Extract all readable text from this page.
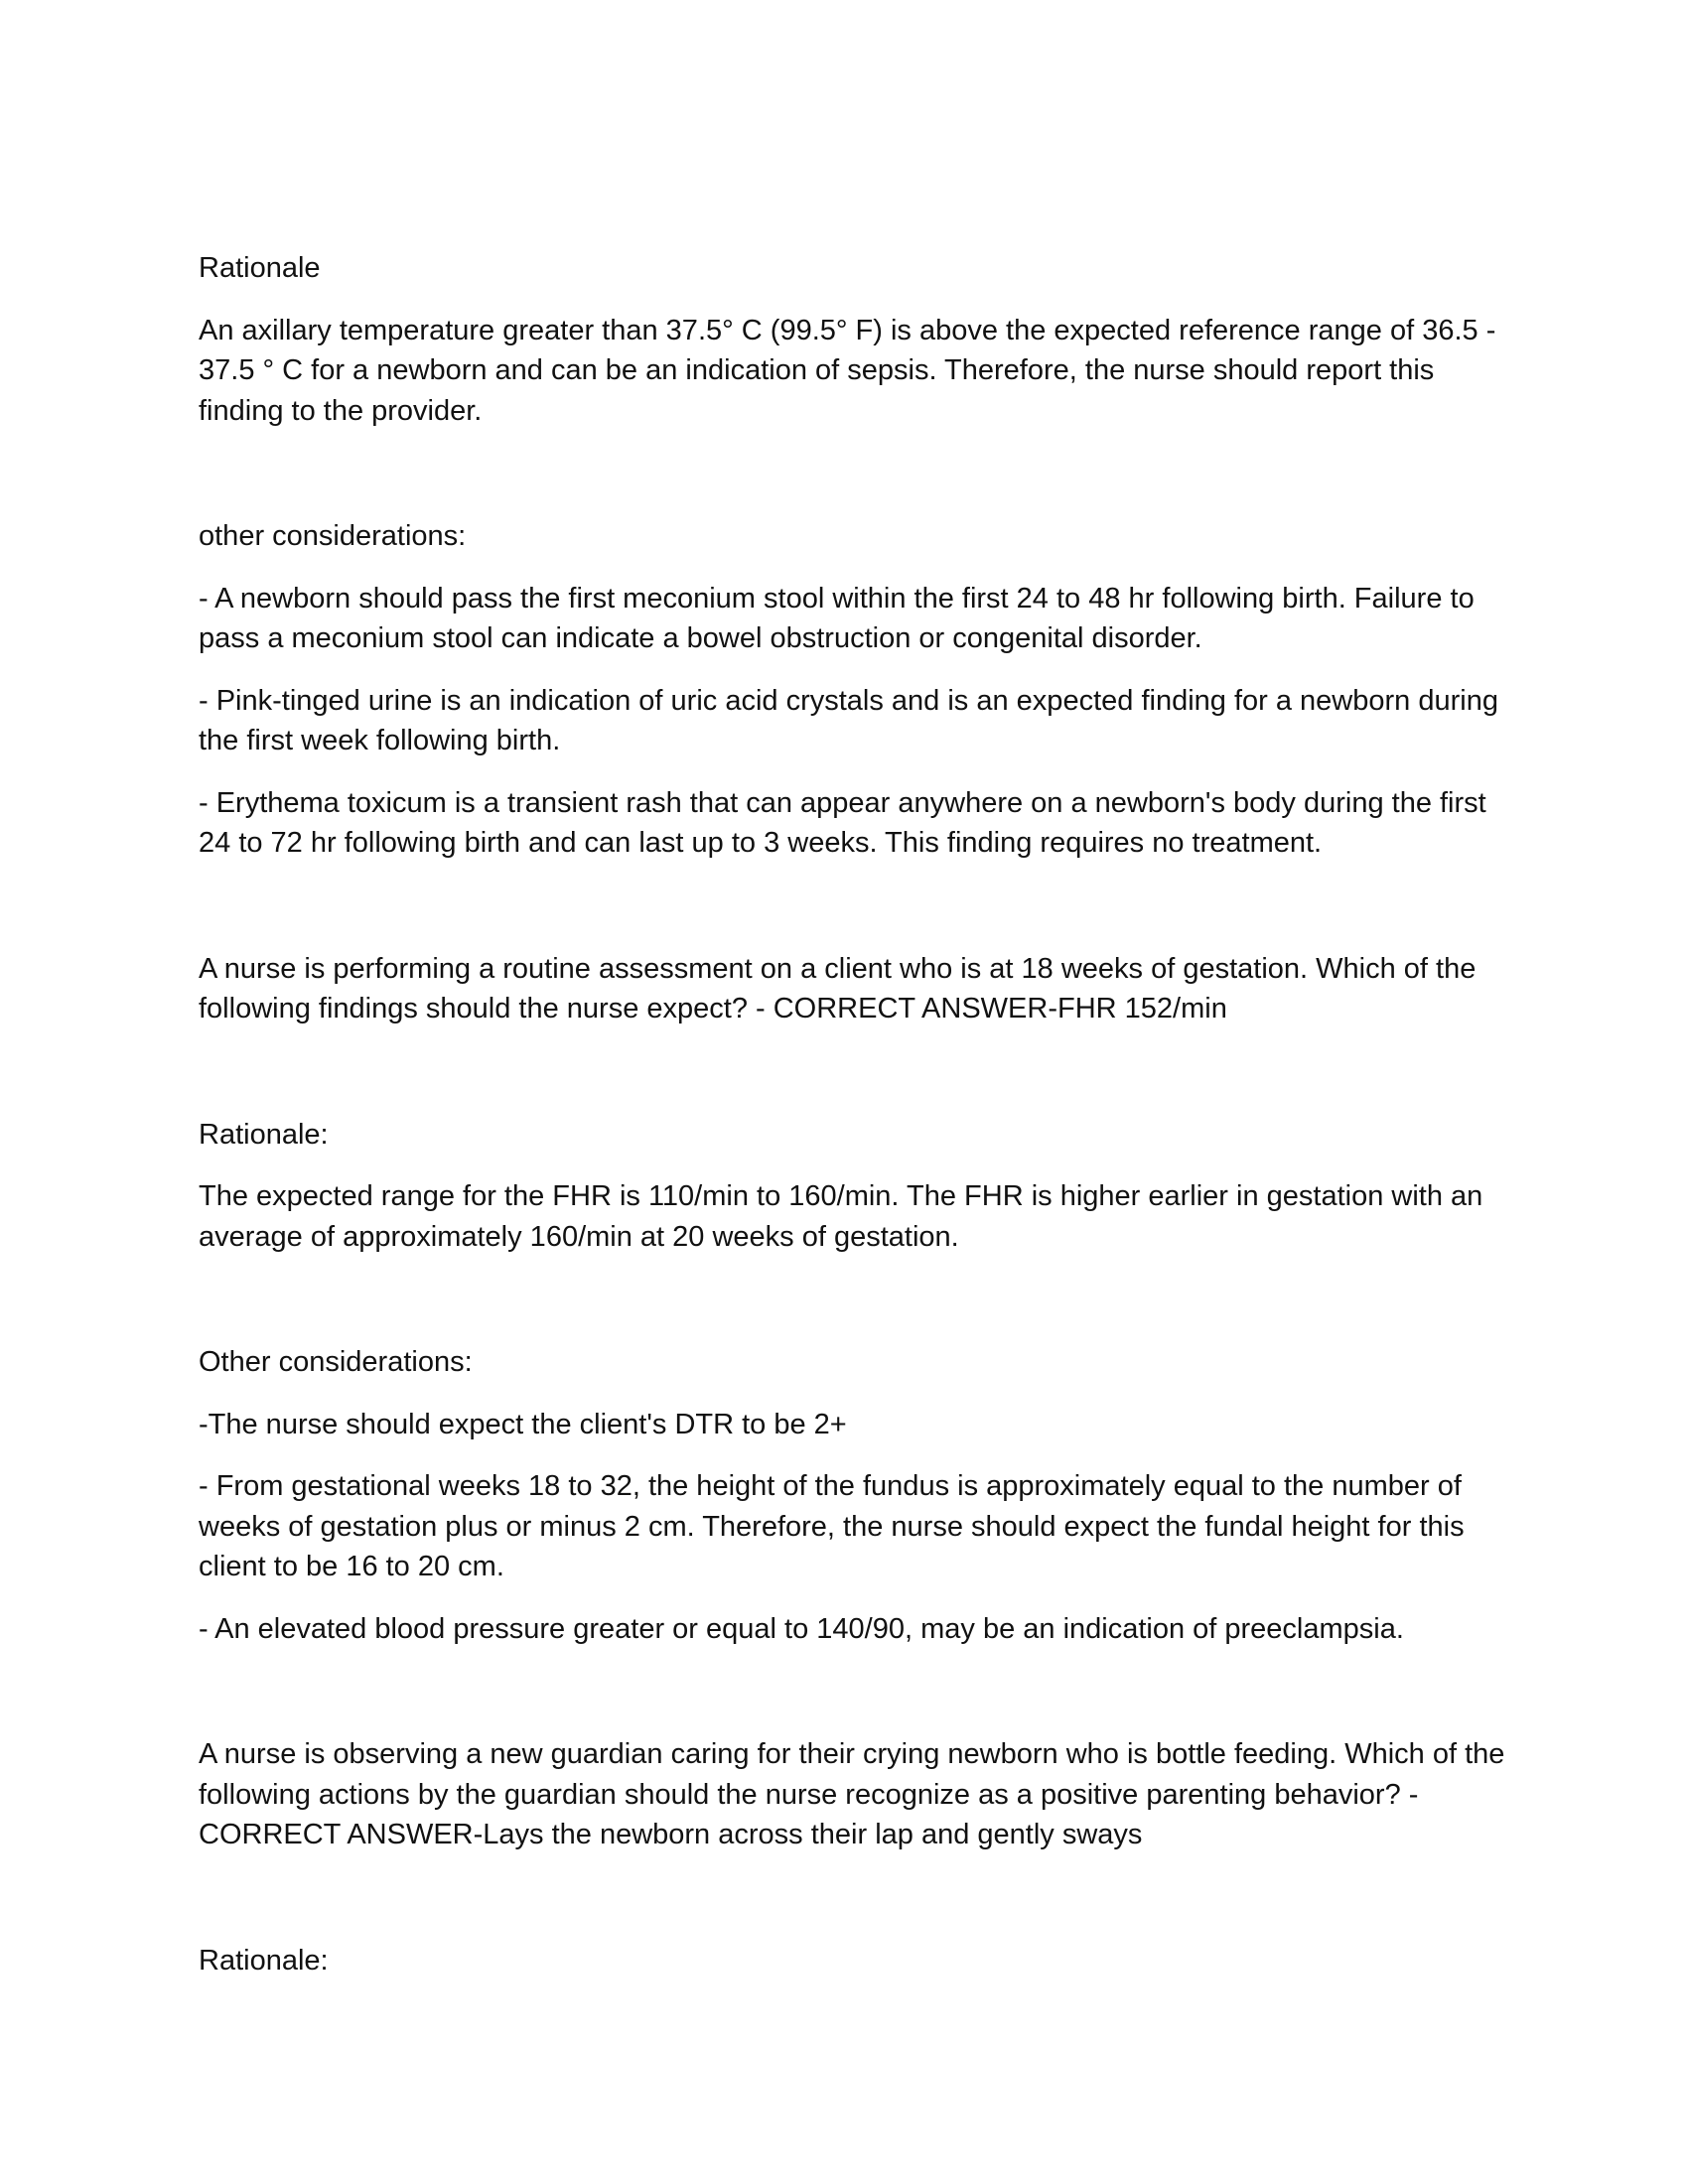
Rationale

An axillary temperature greater than 37.5° C (99.5° F) is above the expected reference range of 36.5 - 37.5 ° C for a newborn and can be an indication of sepsis. Therefore, the nurse should report this finding to the provider.

other considerations:

- A newborn should pass the first meconium stool within the first 24 to 48 hr following birth. Failure to pass a meconium stool can indicate a bowel obstruction or congenital disorder.

- Pink-tinged urine is an indication of uric acid crystals and is an expected finding for a newborn during the first week following birth.

- Erythema toxicum is a transient rash that can appear anywhere on a newborn's body during the first 24 to 72 hr following birth and can last up to 3 weeks. This finding requires no treatment.

A nurse is performing a routine assessment on a client who is at 18 weeks of gestation. Which of the following findings should the nurse expect? - CORRECT ANSWER-FHR 152/min

Rationale:

The expected range for the FHR is 110/min to 160/min. The FHR is higher earlier in gestation with an average of approximately 160/min at 20 weeks of gestation.

Other considerations:

-The nurse should expect the client's DTR to be 2+

- From gestational weeks 18 to 32, the height of the fundus is approximately equal to the number of weeks of gestation plus or minus 2 cm. Therefore, the nurse should expect the fundal height for this client to be 16 to 20 cm.

- An elevated blood pressure greater or equal to 140/90, may be an indication of preeclampsia.

A nurse is observing a new guardian caring for their crying newborn who is bottle feeding. Which of the following actions by the guardian should the nurse recognize as a positive parenting behavior? - CORRECT ANSWER-Lays the newborn across their lap and gently sways

Rationale:
